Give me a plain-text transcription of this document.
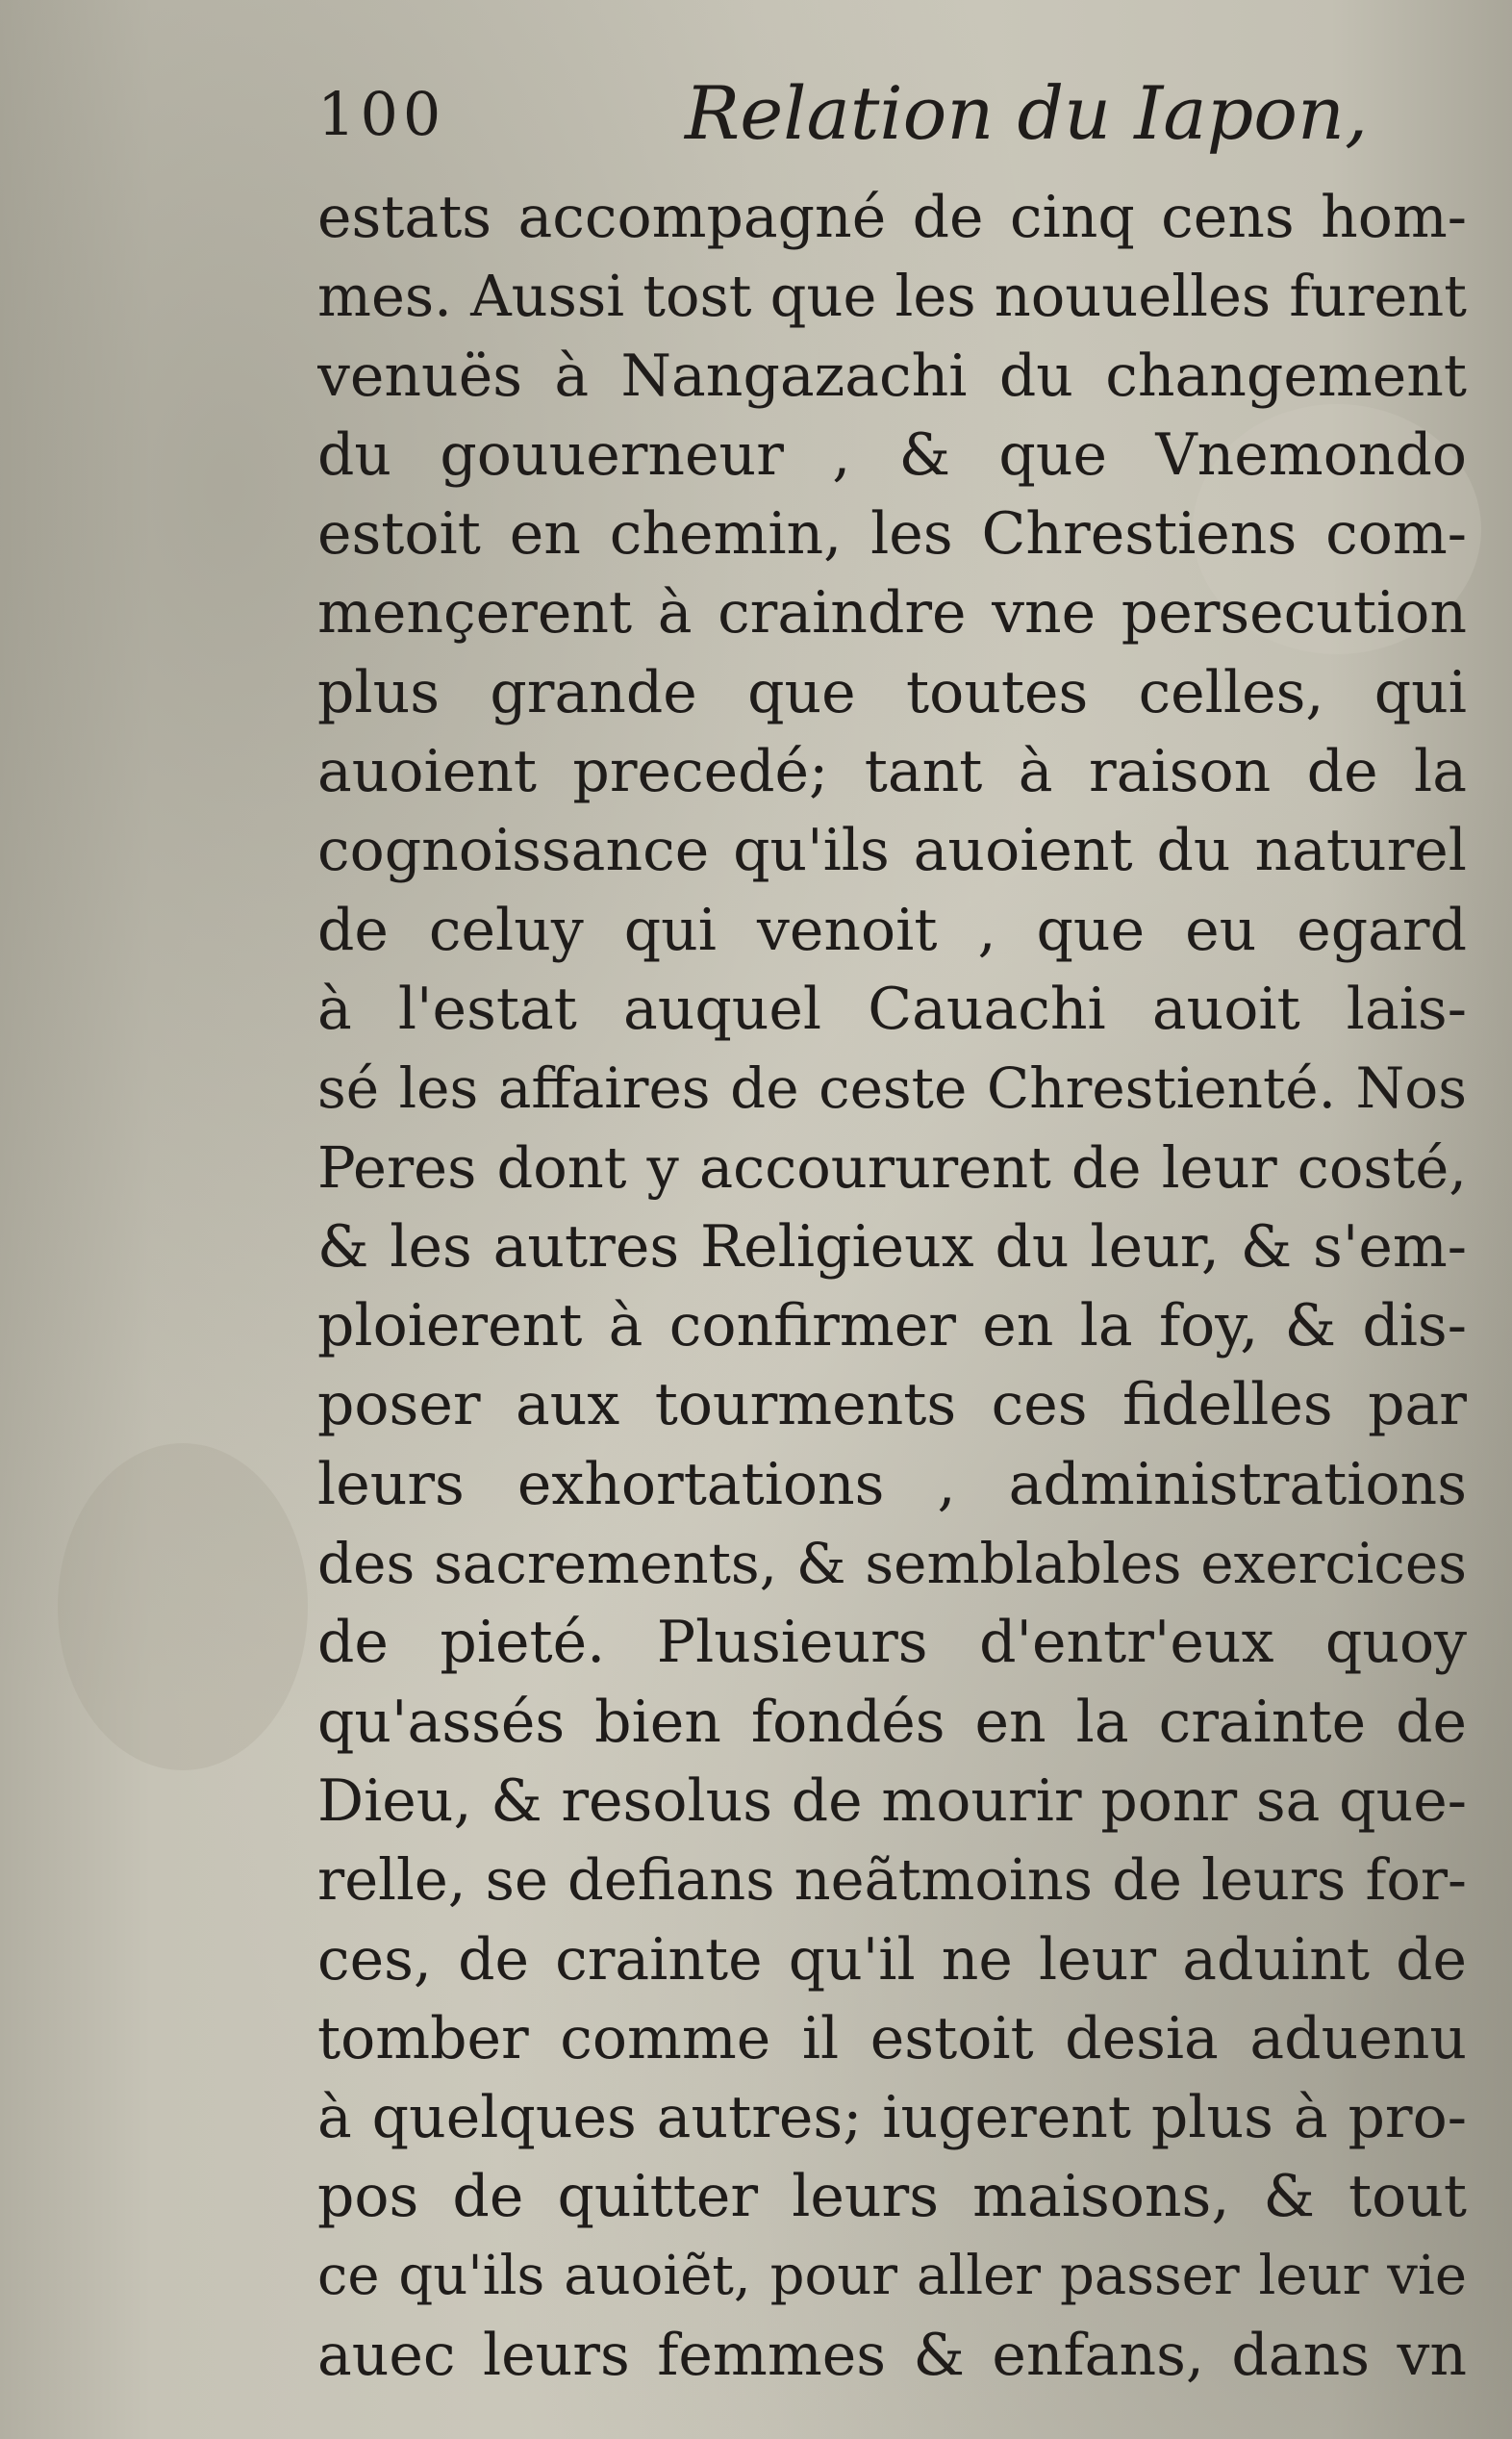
100	Relation du Iapon,
estats accompagné de cinq cens hom-
mes. Aussi tost que les nouuelles furent
venuës à Nangazachi du changement
du gouuerneur , & que Vnemondo
estoit en chemin, les Chrestiens com-
mençerent à craindre vne persecution
plus grande que toutes celles, qui
auoient precedé; tant à raison de la
cognoissance qu'ils auoient du naturel
de celuy qui venoit , que eu egard
à l'estat auquel Cauachi auoit lais-
sé les affaires de ceste Chrestienté. Nos
Peres dont y accoururent de leur costé,
& les autres Religieux du leur, & s'em-
ploierent à confirmer en la foy, & dis-
poser aux tourments ces fidelles par
leurs exhortations , administrations
des sacrements, & semblables exercices
de pieté. Plusieurs d'entr'eux quoy
qu'assés bien fondés en la crainte de
Dieu, & resolus de mourir ponr sa que-
relle, se defians neãtmoins de leurs for-
ces, de crainte qu'il ne leur aduint de
tomber comme il estoit desia aduenu
à quelques autres; iugerent plus à pro-
pos de quitter leurs maisons, & tout
ce qu'ils auoiẽt, pour aller passer leur vie
auec leurs femmes & enfans, dans vn
